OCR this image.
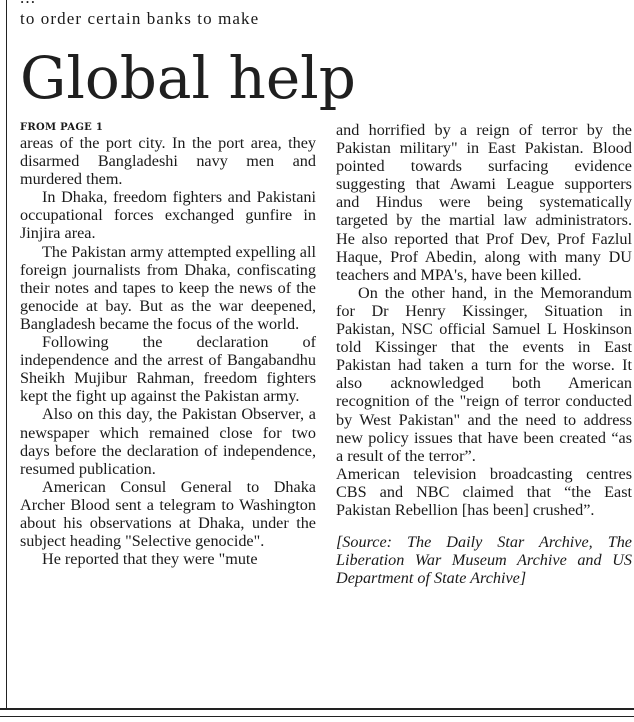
to order certain banks to make
Global help
FROM PAGE 1

areas of the port city. In the port area, they disarmed Bangladeshi navy men and murdered them.

In Dhaka, freedom fighters and Pakistani occupational forces exchanged gunfire in Jinjira area.

The Pakistan army attempted expelling all foreign journalists from Dhaka, confiscating their notes and tapes to keep the news of the genocide at bay. But as the war deepened, Bangladesh became the focus of the world.

Following the declaration of independence and the arrest of Bangabandhu Sheikh Mujibur Rahman, freedom fighters kept the fight up against the Pakistan army.

Also on this day, the Pakistan Observer, a newspaper which remained close for two days before the declaration of independence, resumed publication.

American Consul General to Dhaka Archer Blood sent a telegram to Washington about his observations at Dhaka, under the subject heading "Selective genocide".

He reported that they were "mute

and horrified by a reign of terror by the Pakistan military" in East Pakistan. Blood pointed towards surfacing evidence suggesting that Awami League supporters and Hindus were being systematically targeted by the martial law administrators. He also reported that Prof Dev, Prof Fazlul Haque, Prof Abedin, along with many DU teachers and MPA's, have been killed.

On the other hand, in the Memorandum for Dr Henry Kissinger, Situation in Pakistan, NSC official Samuel L Hoskinson told Kissinger that the events in East Pakistan had taken a turn for the worse. It also acknowledged both American recognition of the "reign of terror conducted by West Pakistan" and the need to address new policy issues that have been created “as a result of the terror”.

American television broadcasting centres CBS and NBC claimed that “the East Pakistan Rebellion [has been] crushed”.

[Source: The Daily Star Archive, The Liberation War Museum Archive and US Department of State Archive]
